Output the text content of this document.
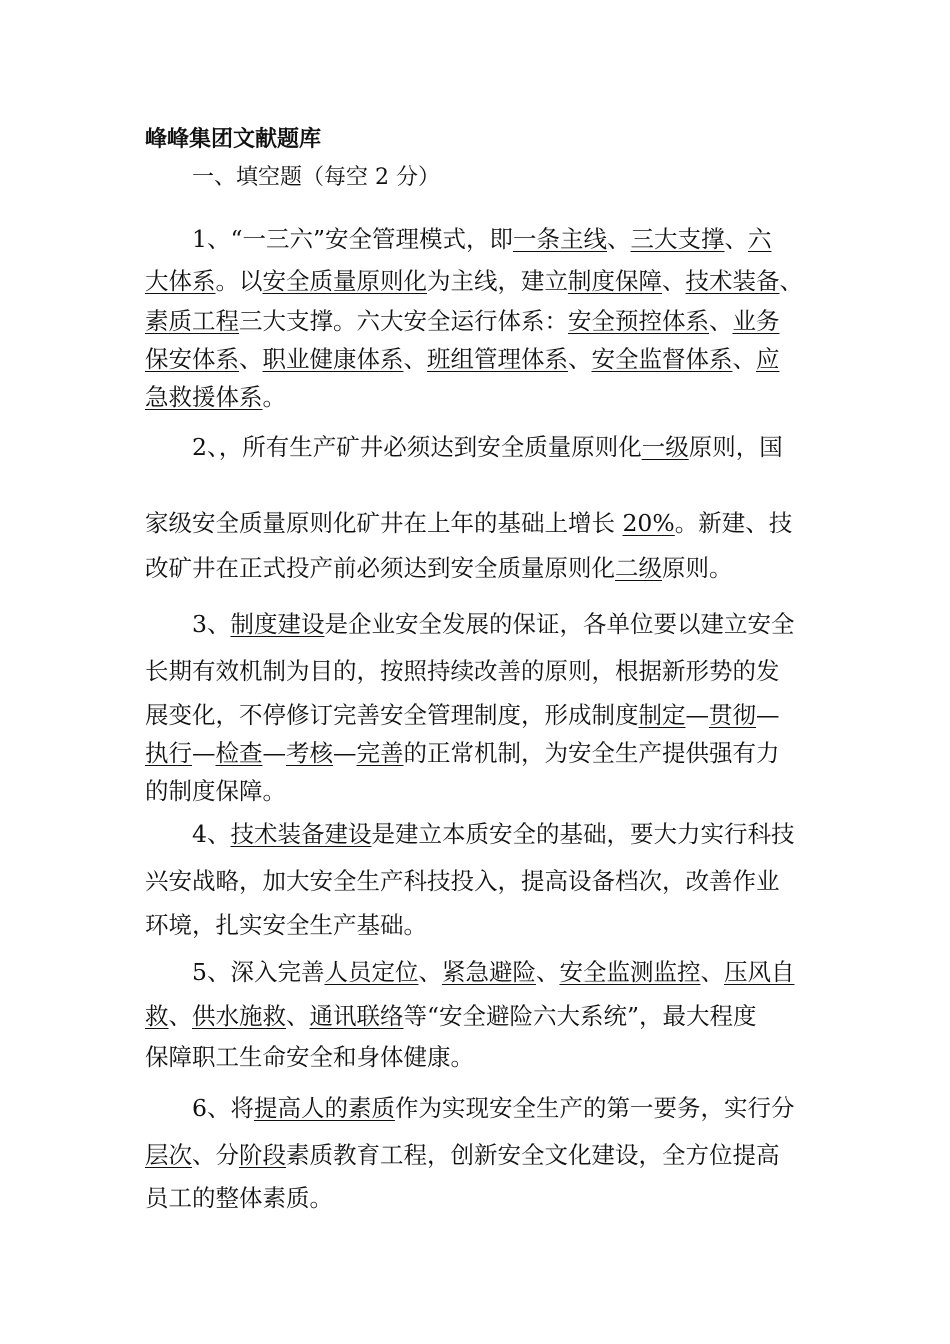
峰峰集团文献题库
一、填空题（每空 2 分）
1、“一三六”安全管理模式，即一条主线、三大支撑、六
大体系。以安全质量原则化为主线，建立制度保障、技术装备、
素质工程三大支撑。六大安全运行体系：安全预控体系、业务
保安体系、职业健康体系、班组管理体系、安全监督体系、应
急救援体系。
2、，所有生产矿井必须达到安全质量原则化一级原则，国
家级安全质量原则化矿井在上年的基础上增长 20%。新建、技
改矿井在正式投产前必须达到安全质量原则化二级原则。
3、制度建设是企业安全发展的保证，各单位要以建立安全
长期有效机制为目的，按照持续改善的原则，根据新形势的发
展变化，不停修订完善安全管理制度，形成制度制定—贯彻—
执行—检查—考核—完善的正常机制，为安全生产提供强有力
的制度保障。
4、技术装备建设是建立本质安全的基础，要大力实行科技
兴安战略，加大安全生产科技投入，提高设备档次，改善作业
环境，扎实安全生产基础。
5、深入完善人员定位、紧急避险、安全监测监控、压风自
救、供水施救、通讯联络等“安全避险六大系统”，最大程度
保障职工生命安全和身体健康。
6、将提高人的素质作为实现安全生产的第一要务，实行分
层次、分阶段素质教育工程，创新安全文化建设，全方位提高
员工的整体素质。
